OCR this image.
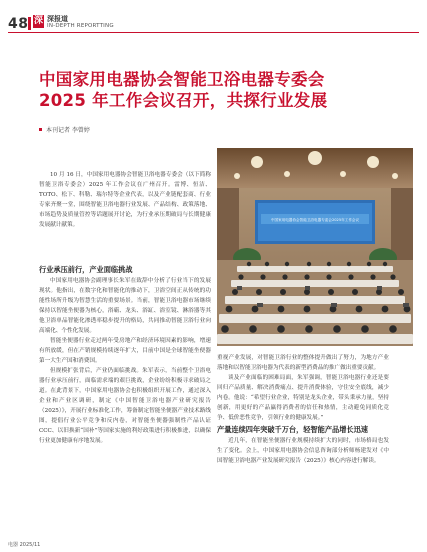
48 深 深报道
IN-DEPTH REPORTTING
中国家用电器协会智能卫浴电器专委会
2025 年工作会议召开，共探行业发展
本刊记者 李曾婷

10 月 16 日，中国家用电器协会智能卫浴电器专委会（以下简称智能卫浴专委会）2025 年工作会议在广州召开。雷博、恒洁、TOTO、松下、科勒、瑞尔特等企业代表，以及产业链配套商、行业专家齐聚一堂，围绕智能卫浴电器行业发展、产品结构、政策落地、市场趋势及质量管控等话题展开讨论，为行业承压期破局与长期健康发展献计献策。

中国家用电器协会智能卫浴电器专委会2025年工作会议
行业承压前行，产业面临挑战

中国家用电器协会副理事长朱军在致辞中分析了行业当下的发展现状。他指出，在数字化和智能化的推动下，卫浴空间正从传统的功能性场所升级为智慧生活的重要场景。当前，智能卫浴电器市场继续保持以智能坐便器为核心，浴霸、龙头、浴缸、浴室镜、淋浴器等其他卫浴单品智能化渗透率稳步提升的格局，共同推动智能卫浴行业向高端化、个性化发展。

智能坐便器行业走过两年受房地产和经济环境因素的影响，增速有所放缓，但在产销规模持续逐年扩大，目前中国是全球智能坐便器第一大生产国和消费国。

但规模扩张背后，产业仍面临挑战。朱军表示，当前整个卫浴电器行业承压前行，面临需求端的艰巨挑战，企业纷纷积极寻求破局之道。在此背景下，中国家用电器协会也积极组织开展工作，通过深入企业和产业区调研，制定《中国智能卫浴电器产业研究报告（2025）》，开展行业标准化工作，筹备制定智能坐便器产业技术路线图，提倡行业公平竞争和反内卷，对智能坐便器强制性产品认证 CCC、以旧换新“国补”等国家实施的利好政策进行积极推进，以确保行业更加健康有序地发展。

重视产业发展，对智能卫浴行业的整体提升做出了努力，为地方产业落地和以智能卫浴电器为代表的新型消费品的推广做出重要贡献。

谈及产业面临的困难局面，朱军强调，智能卫浴电器行业还是要回归产品质量、解决消费痛点、提升消费体验，守住安全底线，减少内卷。他说：“希望行业企业，特别是龙头企业，带头秉承力量，坚持创新，用更好的产品赢得消费者的信任和热情，主动避免同质化竞争、低价恶性竞争，引领行业的健康发展。”

产量连续四年突破千万台，轻智能产品增长迅速

近几年，在智能坐便器行业规模持续扩大的同时，市场格局也发生了变化。会上，中国家用电器协会信息咨询部分析师杨建发对《中国智能卫浴电器产业发展研究报告（2025）》核心内容进行解读。

电器 2025/11
